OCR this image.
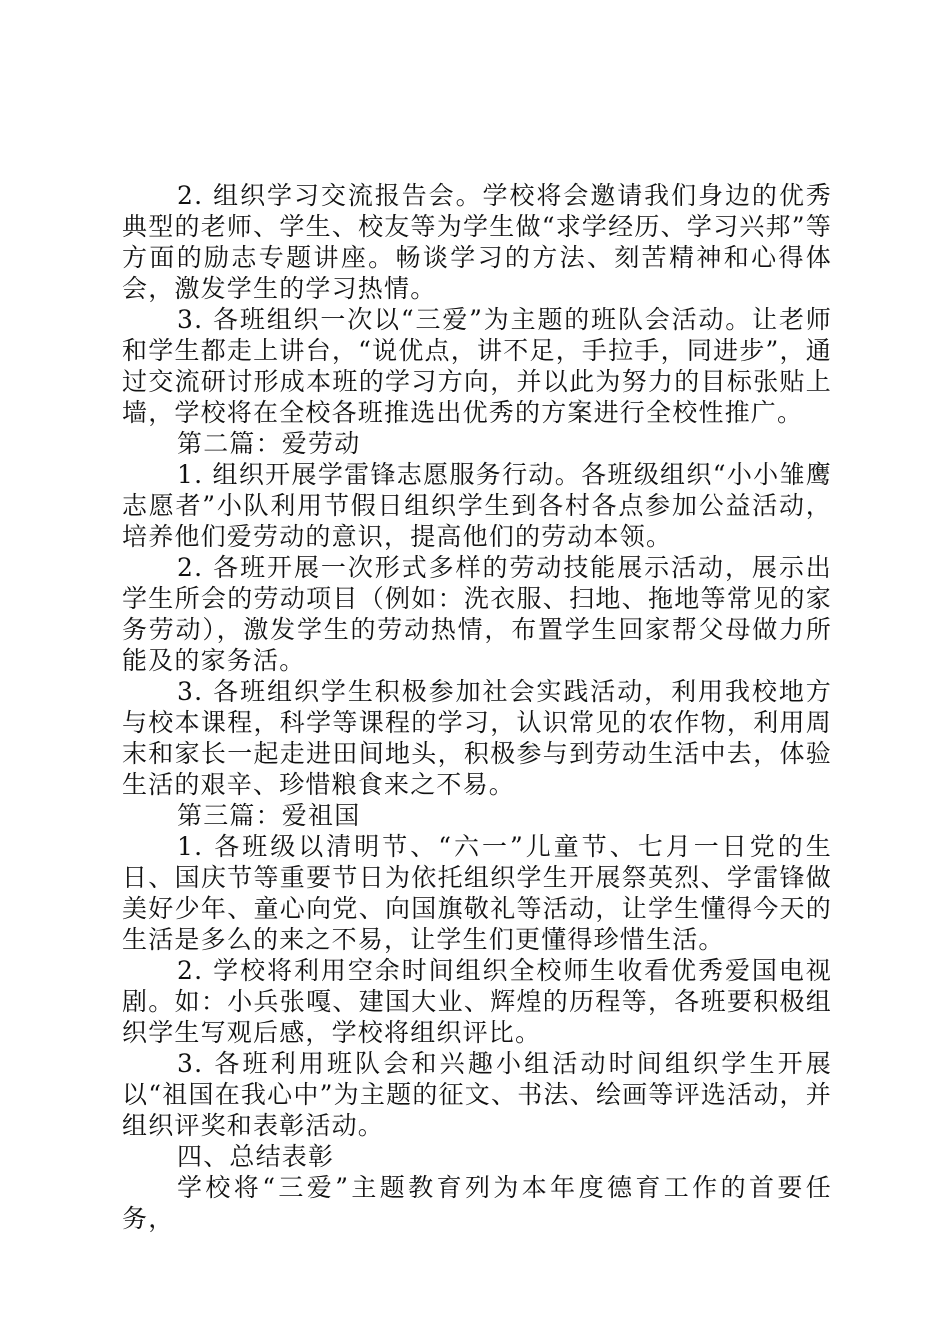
2. 组织学习交流报告会。学校将会邀请我们身边的优秀典型的老师、学生、校友等为学生做“求学经历、学习兴邦”等方面的励志专题讲座。畅谈学习的方法、刻苦精神和心得体会，激发学生的学习热情。

3. 各班组织一次以“三爱”为主题的班队会活动。让老师和学生都走上讲台，“说优点，讲不足，手拉手，同进步”，通过交流研讨形成本班的学习方向，并以此为努力的目标张贴上墙，学校将在全校各班推选出优秀的方案进行全校性推广。

第二篇：爱劳动

1. 组织开展学雷锋志愿服务行动。各班级组织“小小雏鹰志愿者”小队利用节假日组织学生到各村各点参加公益活动，培养他们爱劳动的意识，提高他们的劳动本领。

2. 各班开展一次形式多样的劳动技能展示活动，展示出学生所会的劳动项目（例如：洗衣服、扫地、拖地等常见的家务劳动），激发学生的劳动热情，布置学生回家帮父母做力所能及的家务活。

3. 各班组织学生积极参加社会实践活动，利用我校地方与校本课程，科学等课程的学习，认识常见的农作物，利用周末和家长一起走进田间地头，积极参与到劳动生活中去，体验生活的艰辛、珍惜粮食来之不易。

第三篇：爱祖国

1. 各班级以清明节、“六一”儿童节、七月一日党的生日、国庆节等重要节日为依托组织学生开展祭英烈、学雷锋做美好少年、童心向党、向国旗敬礼等活动，让学生懂得今天的生活是多么的来之不易，让学生们更懂得珍惜生活。

2. 学校将利用空余时间组织全校师生收看优秀爱国电视剧。如：小兵张嘎、建国大业、辉煌的历程等，各班要积极组织学生写观后感，学校将组织评比。

3. 各班利用班队会和兴趣小组活动时间组织学生开展以“祖国在我心中”为主题的征文、书法、绘画等评选活动，并组织评奖和表彰活动。

四、总结表彰

学校将“三爱”主题教育列为本年度德育工作的首要任务，
